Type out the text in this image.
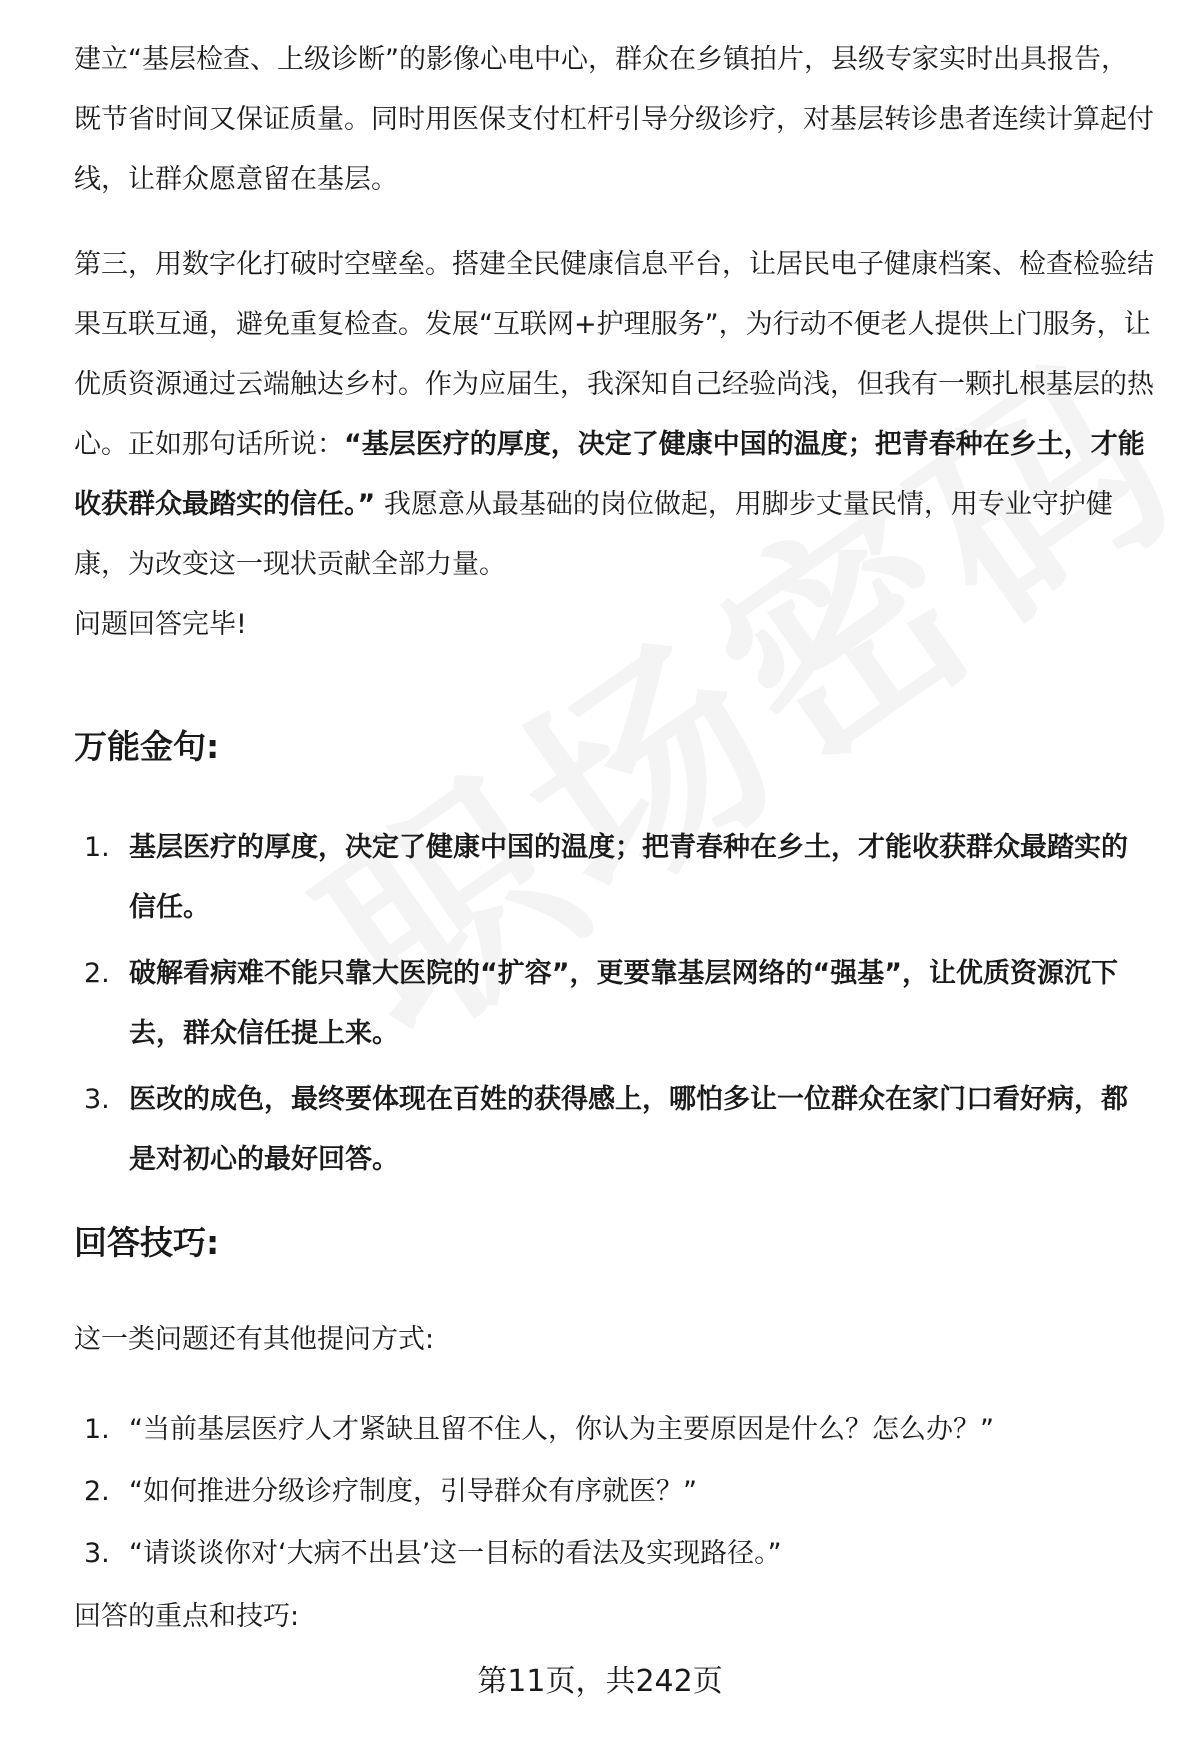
建立“基层检查、上级诊断”的影像心电中心，群众在乡镇拍片，县级专家实时出具报告，既节省时间又保证质量。同时用医保支付杠杆引导分级诊疗，对基层转诊患者连续计算起付线，让群众愿意留在基层。

第三，用数字化打破时空壁垒。搭建全民健康信息平台，让居民电子健康档案、检查检验结果互联互通，避免重复检查。发展“互联网+护理服务”，为行动不便老人提供上门服务，让优质资源通过云端触达乡村。作为应届生，我深知自己经验尚浅，但我有一颗扎根基层的热心。正如那句话所说：“基层医疗的厚度，决定了健康中国的温度；把青春种在乡土，才能收获群众最踏实的信任。” 我愿意从最基础的岗位做起，用脚步丈量民情，用专业守护健康，为改变这一现状贡献全部力量。
问题回答完毕!

万能金句:
1. 基层医疗的厚度，决定了健康中国的温度；把青春种在乡土，才能收获群众最踏实的信任。
2. 破解看病难不能只靠大医院的“扩容”，更要靠基层网络的“强基”，让优质资源沉下去，群众信任提上来。
3. 医改的成色，最终要体现在百姓的获得感上，哪怕多让一位群众在家门口看好病，都是对初心的最好回答。
回答技巧:

这一类问题还有其他提问方式:

1. “当前基层医疗人才紧缺且留不住人，你认为主要原因是什么？怎么办？”
2. “如何推进分级诊疗制度，引导群众有序就医？”
3. “请谈谈你对‘大病不出县’这一目标的看法及实现路径。”

回答的重点和技巧:

第11页，共242页
